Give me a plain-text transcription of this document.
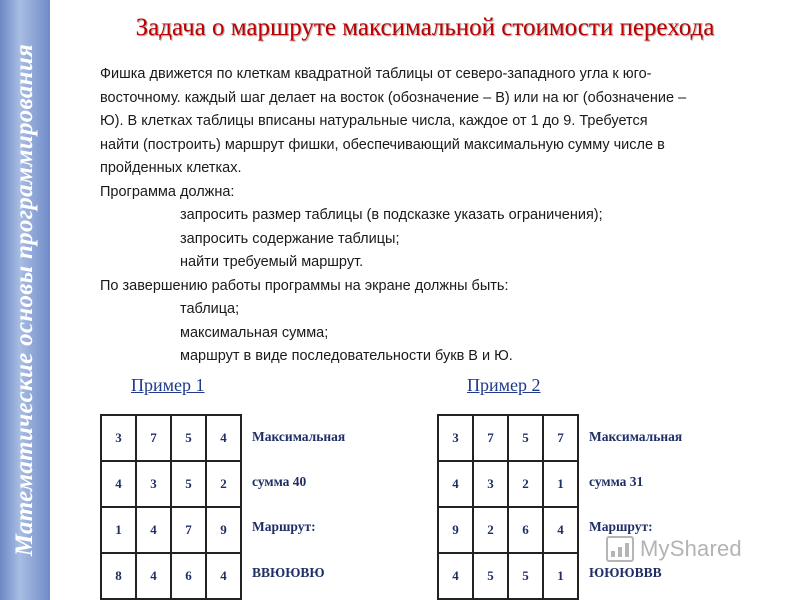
Математические основы программирования
Задача о маршруте максимальной стоимости перехода

Фишка движется по клеткам квадратной таблицы от северо-западного угла к юго-

восточному. каждый шаг делает на восток (обозначение – В) или на юг (обозначение –

Ю). В клетках таблицы вписаны натуральные числа, каждое от 1 до 9. Требуется

найти (построить) маршрут фишки, обеспечивающий максимальную сумму числе в

пройденных клетках.

Программа должна:

запросить размер таблицы (в подсказке указать ограничения);

запросить содержание таблицы;

найти требуемый маршрут.

По завершению работы программы на экране должны быть:

таблица;

максимальная сумма;

маршрут в виде последовательности букв В и Ю.

Пример 1
3	7	5	4
4	3	5	2
1	4	7	9
8	4	6	4
Максимальная
сумма 40
Маршрут:
ВВЮЮВЮ
Пример 2
3	7	5	7
4	3	2	1
9	2	6	4
4	5	5	1
Максимальная
сумма 31
Маршрут:
ЮЮЮВВВ
MyShared
